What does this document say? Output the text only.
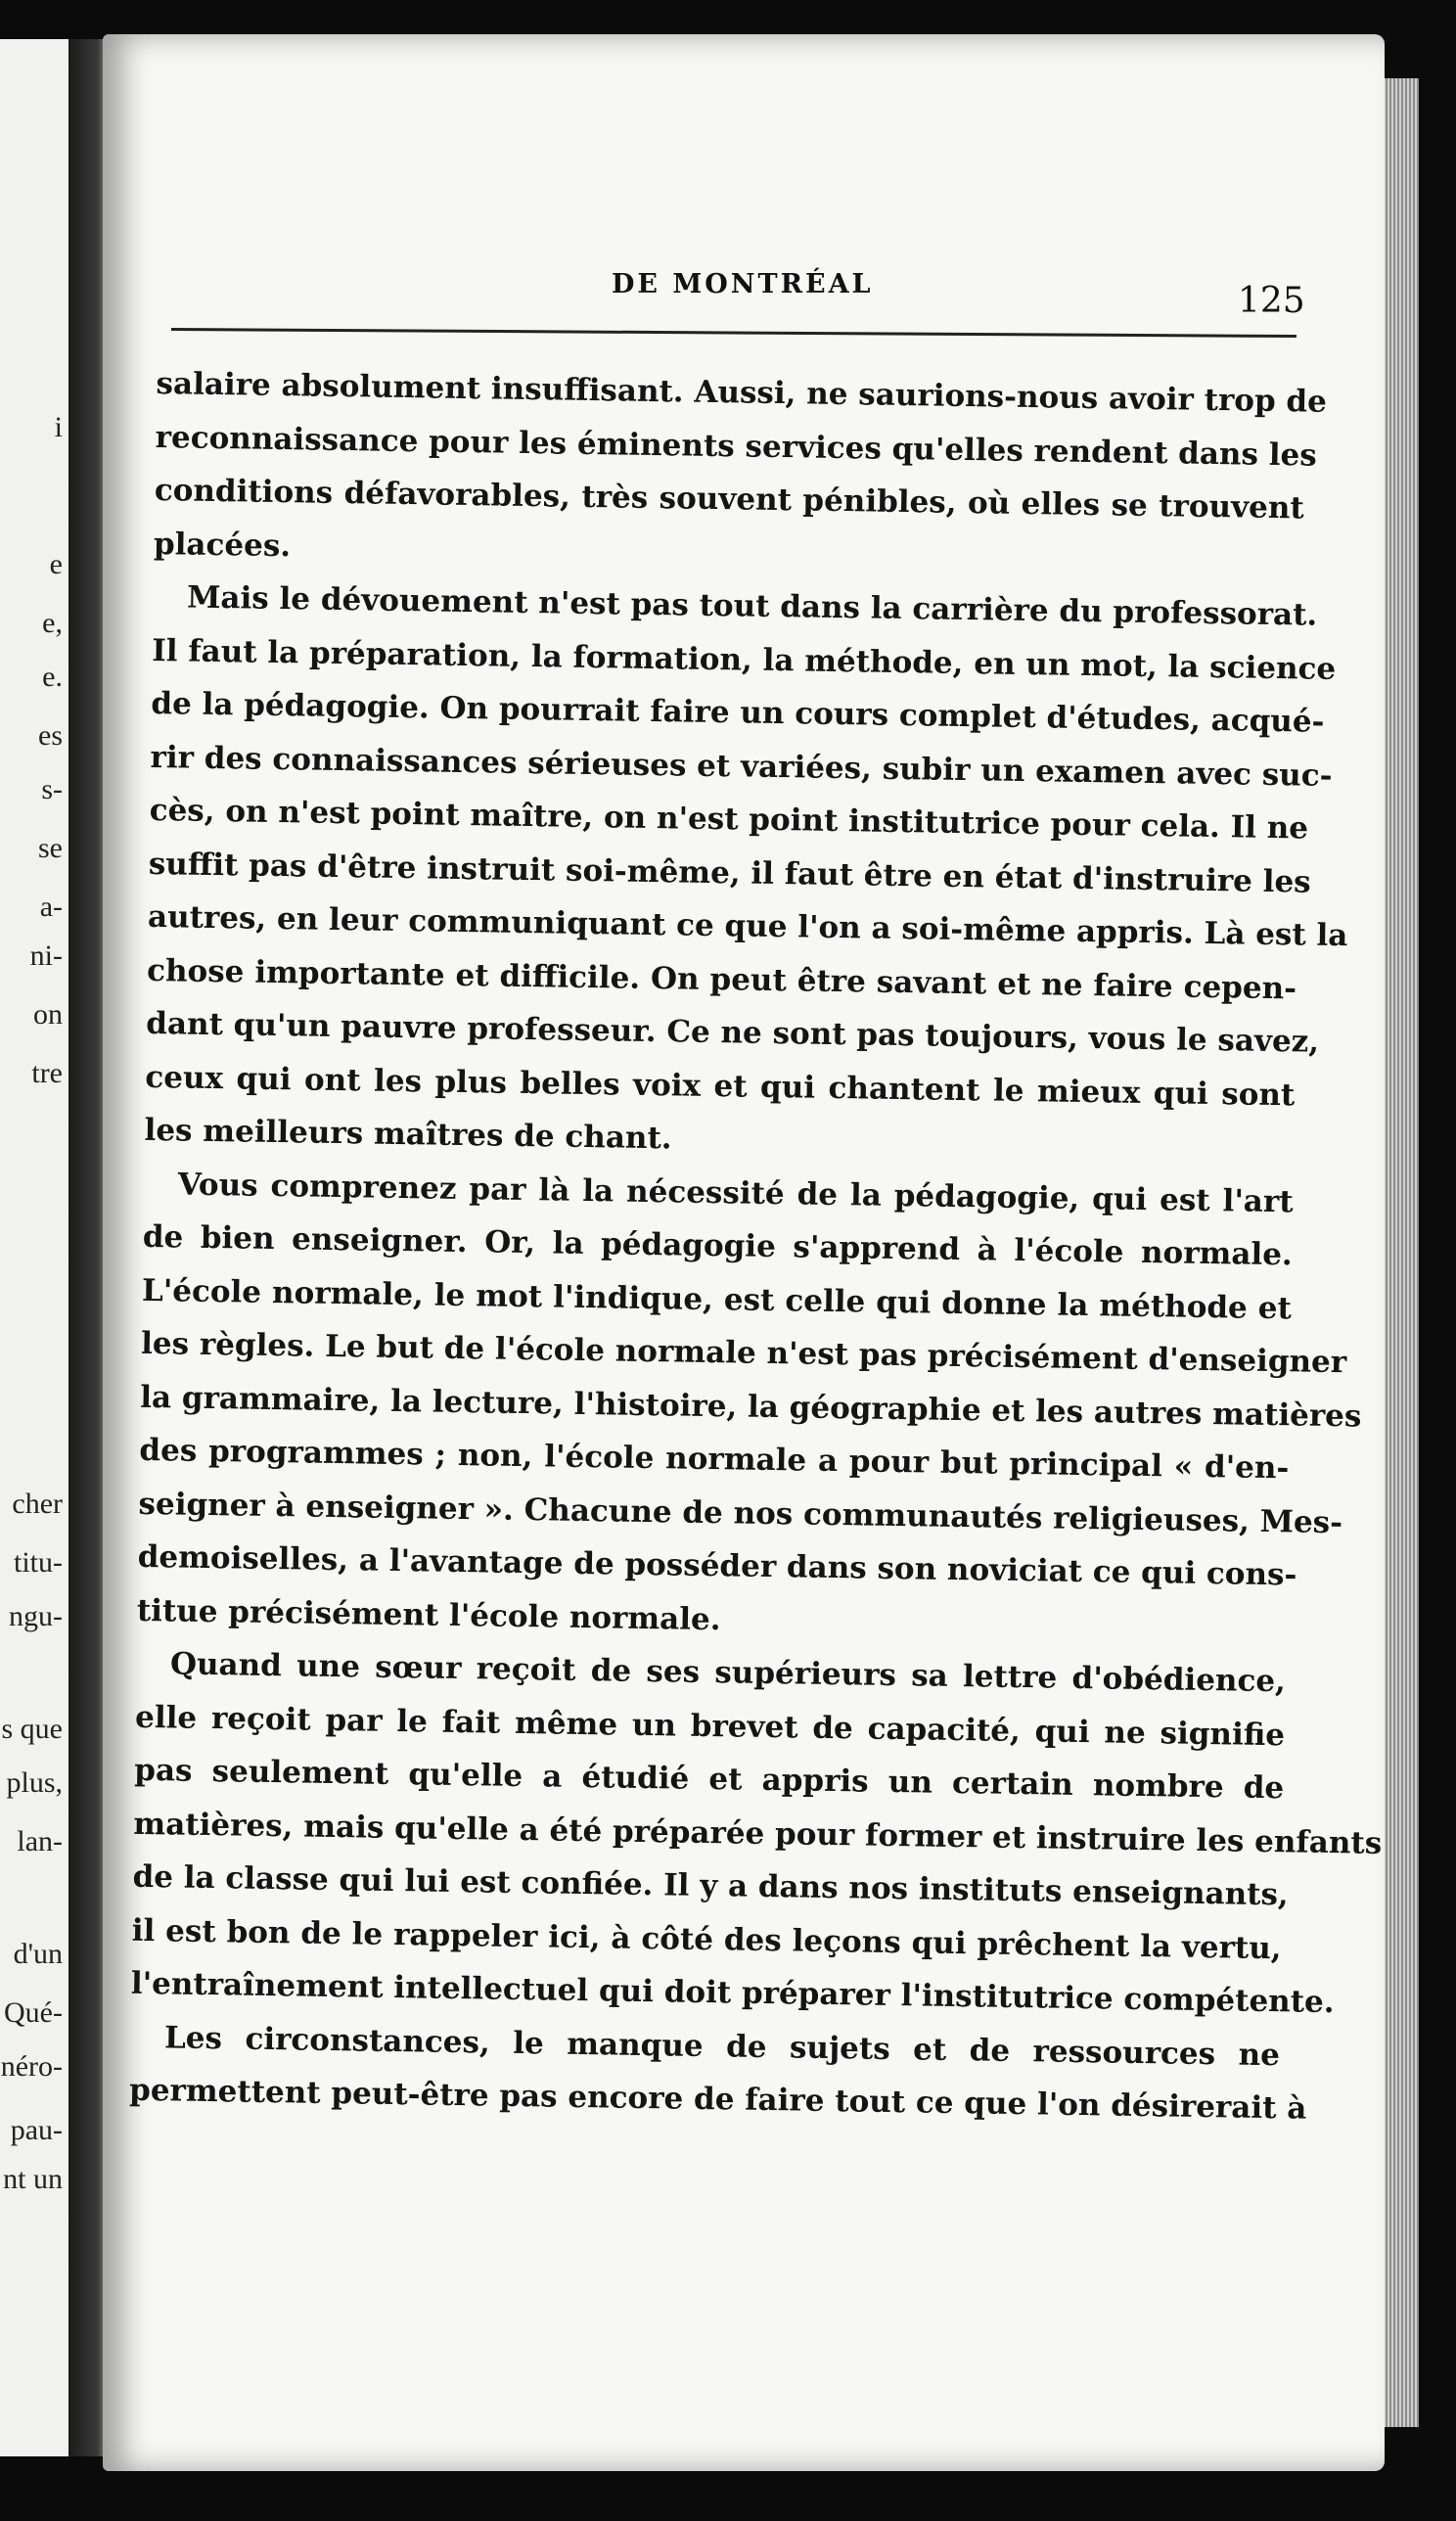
i
e
e,
e.
es
s-
se
a-
ni-
on
tre
cher
titu-
ngu-
s que
plus,
lan-
d'un
Qué-
néro-
pau-
nt un
DE MONTRÉAL	125
salaire absolument insuffisant. Aussi, ne saurions-nous avoir trop de
reconnaissance pour les éminents services qu'elles rendent dans les
conditions défavorables, très souvent pénibles, où elles se trouvent
placées.
Mais le dévouement n'est pas tout dans la carrière du professorat.
Il faut la préparation, la formation, la méthode, en un mot, la science
de la pédagogie. On pourrait faire un cours complet d'études, acqué-
rir des connaissances sérieuses et variées, subir un examen avec suc-
cès, on n'est point maître, on n'est point institutrice pour cela. Il ne
suffit pas d'être instruit soi-même, il faut être en état d'instruire les
autres, en leur communiquant ce que l'on a soi-même appris. Là est la
chose importante et difficile. On peut être savant et ne faire cepen-
dant qu'un pauvre professeur. Ce ne sont pas toujours, vous le savez,
ceux qui ont les plus belles voix et qui chantent le mieux qui sont
les meilleurs maîtres de chant.
Vous comprenez par là la nécessité de la pédagogie, qui est l'art
de bien enseigner. Or, la pédagogie s'apprend à l'école normale.
L'école normale, le mot l'indique, est celle qui donne la méthode et
les règles. Le but de l'école normale n'est pas précisément d'enseigner
la grammaire, la lecture, l'histoire, la géographie et les autres matières
des programmes ; non, l'école normale a pour but principal « d'en-
seigner à enseigner ». Chacune de nos communautés religieuses, Mes-
demoiselles, a l'avantage de posséder dans son noviciat ce qui cons-
titue précisément l'école normale.
Quand une sœur reçoit de ses supérieurs sa lettre d'obédience,
elle reçoit par le fait même un brevet de capacité, qui ne signifie
pas seulement qu'elle a étudié et appris un certain nombre de
matières, mais qu'elle a été préparée pour former et instruire les enfants
de la classe qui lui est confiée. Il y a dans nos instituts enseignants,
il est bon de le rappeler ici, à côté des leçons qui prêchent la vertu,
l'entraînement intellectuel qui doit préparer l'institutrice compétente.
Les circonstances, le manque de sujets et de ressources ne
permettent peut-être pas encore de faire tout ce que l'on désirerait à
